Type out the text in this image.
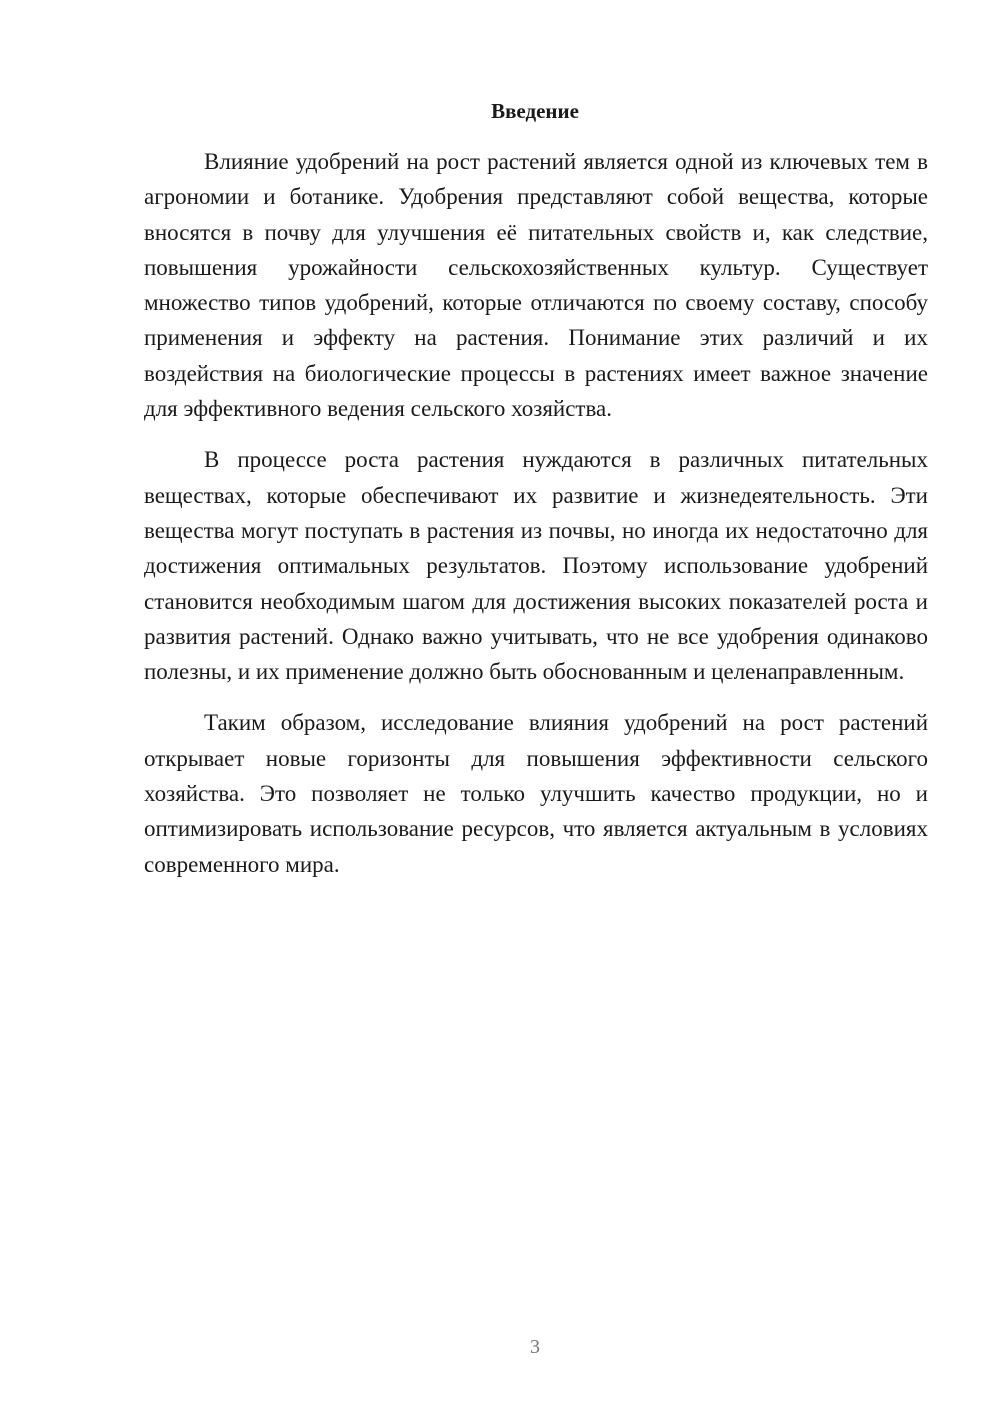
Введение

Влияние удобрений на рост растений является одной из ключевых тем в агрономии и ботанике. Удобрения представляют собой вещества, которые вносятся в почву для улучшения её питательных свойств и, как следствие, повышения урожайности сельскохозяйственных культур. Существует множество типов удобрений, которые отличаются по своему составу, способу применения и эффекту на растения. Понимание этих различий и их воздействия на биологические процессы в растениях имеет важное значение для эффективного ведения сельского хозяйства.

В процессе роста растения нуждаются в различных питательных веществах, которые обеспечивают их развитие и жизнедеятельность. Эти вещества могут поступать в растения из почвы, но иногда их недостаточно для достижения оптимальных результатов. Поэтому использование удобрений становится необходимым шагом для достижения высоких показателей роста и развития растений. Однако важно учитывать, что не все удобрения одинаково полезны, и их применение должно быть обоснованным и целенаправленным.

Таким образом, исследование влияния удобрений на рост растений открывает новые горизонты для повышения эффективности сельского хозяйства. Это позволяет не только улучшить качество продукции, но и оптимизировать использование ресурсов, что является актуальным в условиях современного мира.

3
